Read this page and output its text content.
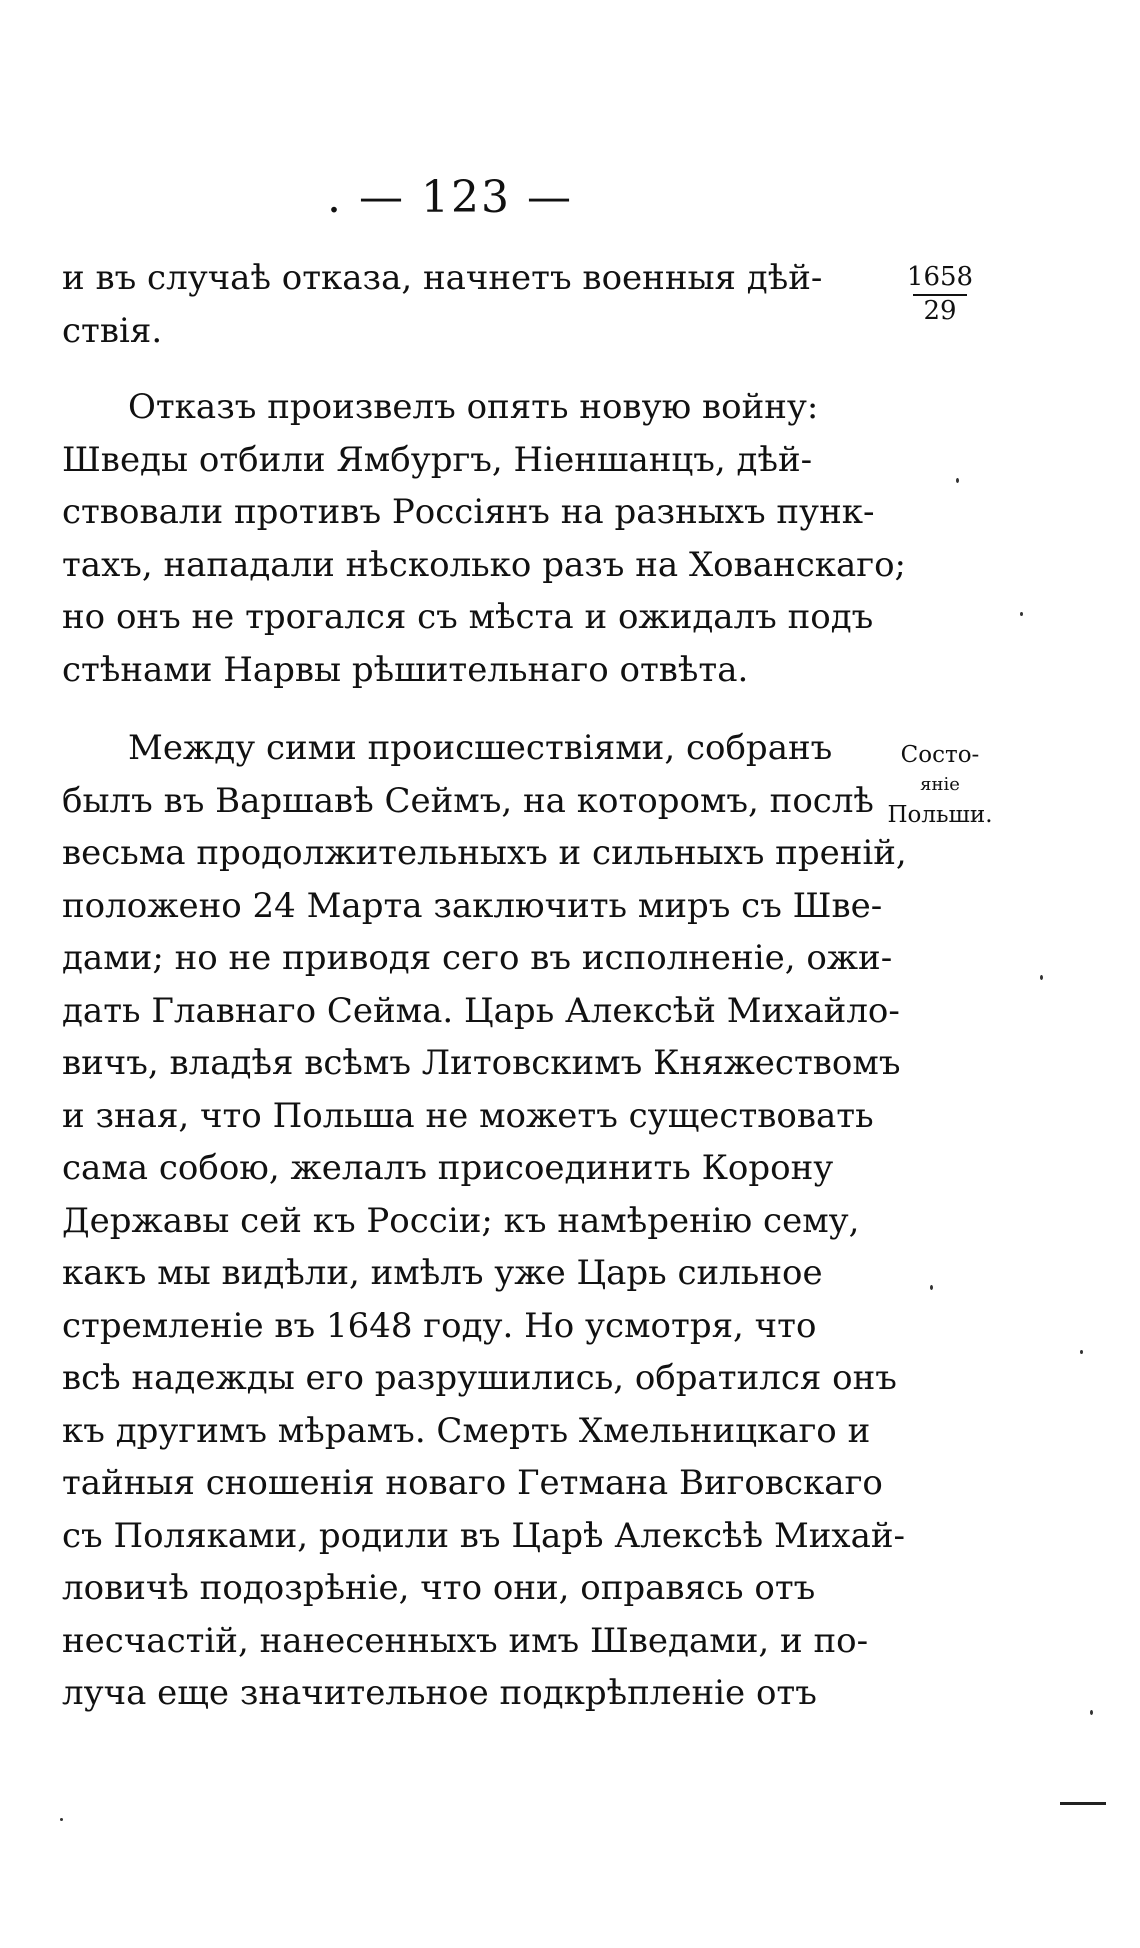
. — 123 —
1658
29
Состо-
яніе
Польши.

и въ случаѣ отказа, начнетъ военныя дѣй-
ствія.

Отказъ произвелъ опять новую войну:
Шведы отбили Ямбургъ, Ніеншанцъ, дѣй-
ствовали противъ Россіянъ на разныхъ пунк-
тахъ, нападали нѣсколько разъ на Хованскаго;
но онъ не трогался съ мѣста и ожидалъ подъ
стѣнами Нарвы рѣшительнаго отвѣта.

Между сими происшествіями, собранъ
былъ въ Варшавѣ Сеймъ, на которомъ, послѣ
весьма продолжительныхъ и сильныхъ преній,
положено 24 Марта заключить миръ съ Шве-
дами; но не приводя сего въ исполненіе, ожи-
дать Главнаго Сейма. Царь Алексѣй Михайло-
вичъ, владѣя всѣмъ Литовскимъ Княжествомъ
и зная, что Польша не можетъ существовать
сама собою, желалъ присоединить Корону
Державы сей къ Россіи; къ намѣренію сему,
какъ мы видѣли, имѣлъ уже Царь сильное
стремленіе въ 1648 году. Но усмотря, что
всѣ надежды его разрушились, обратился онъ
къ другимъ мѣрамъ. Смерть Хмельницкаго и
тайныя сношенія новаго Гетмана Виговскаго
съ Поляками, родили въ Царѣ Алексѣѣ Михай-
ловичѣ подозрѣніе, что они, оправясь отъ
несчастій, нанесенныхъ имъ Шведами, и по-
луча еще значительное подкрѣпленіе отъ
